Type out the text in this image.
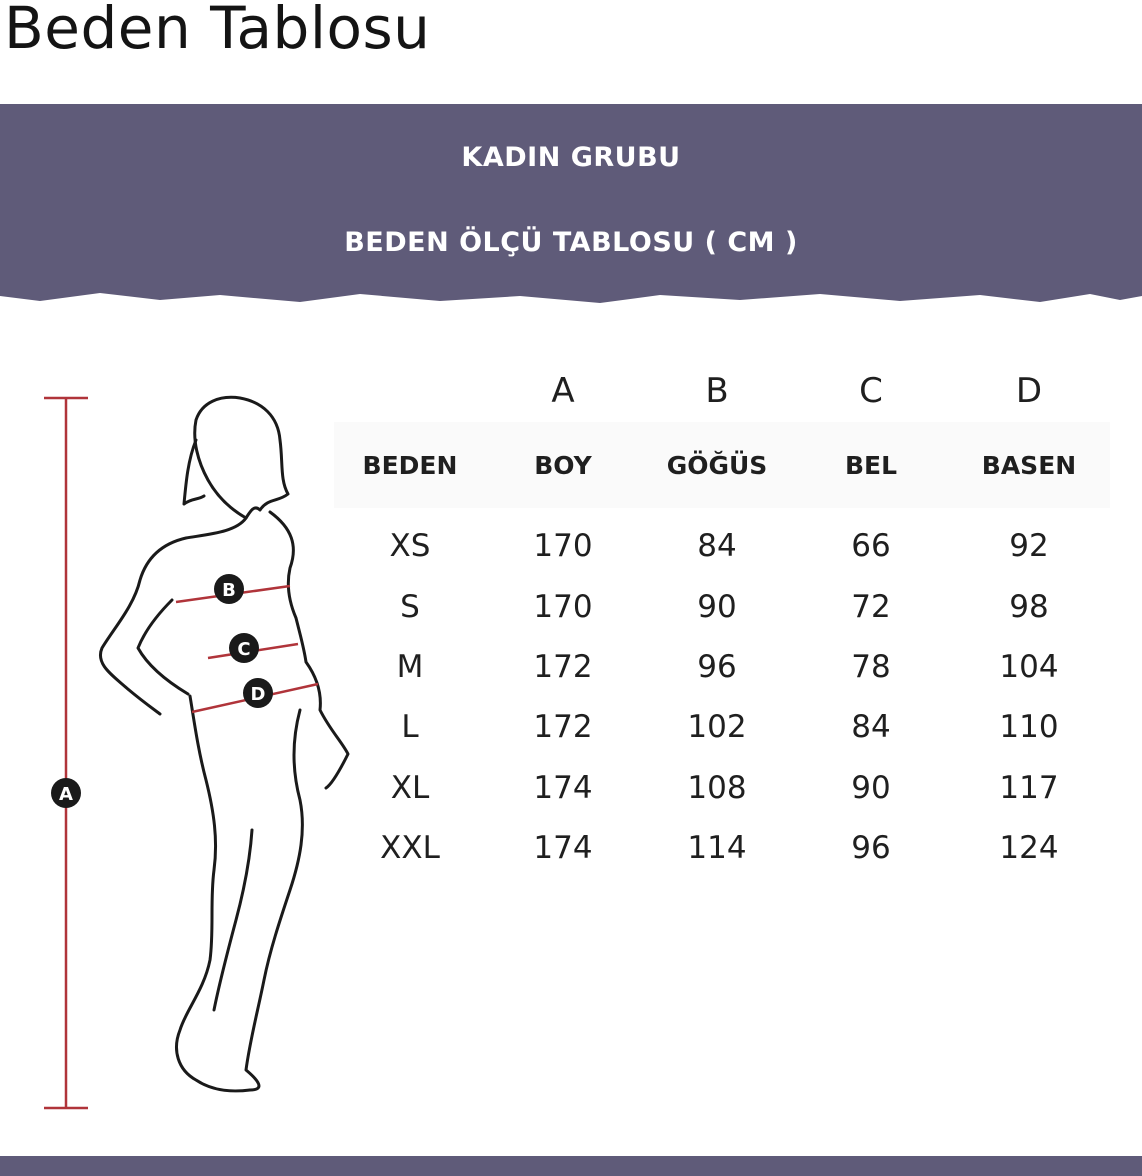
Beden Tablosu
KADIN GRUBU
BEDEN ÖLÇÜ TABLOSU ( CM )
B
C
D
A
	A	B	C	D
BEDEN	BOY	GÖĞÜS	BEL	BASEN

XS	170	84	66	92
S	170	90	72	98
M	172	96	78	104
L	172	102	84	110
XL	174	108	90	117
XXL	174	114	96	124
